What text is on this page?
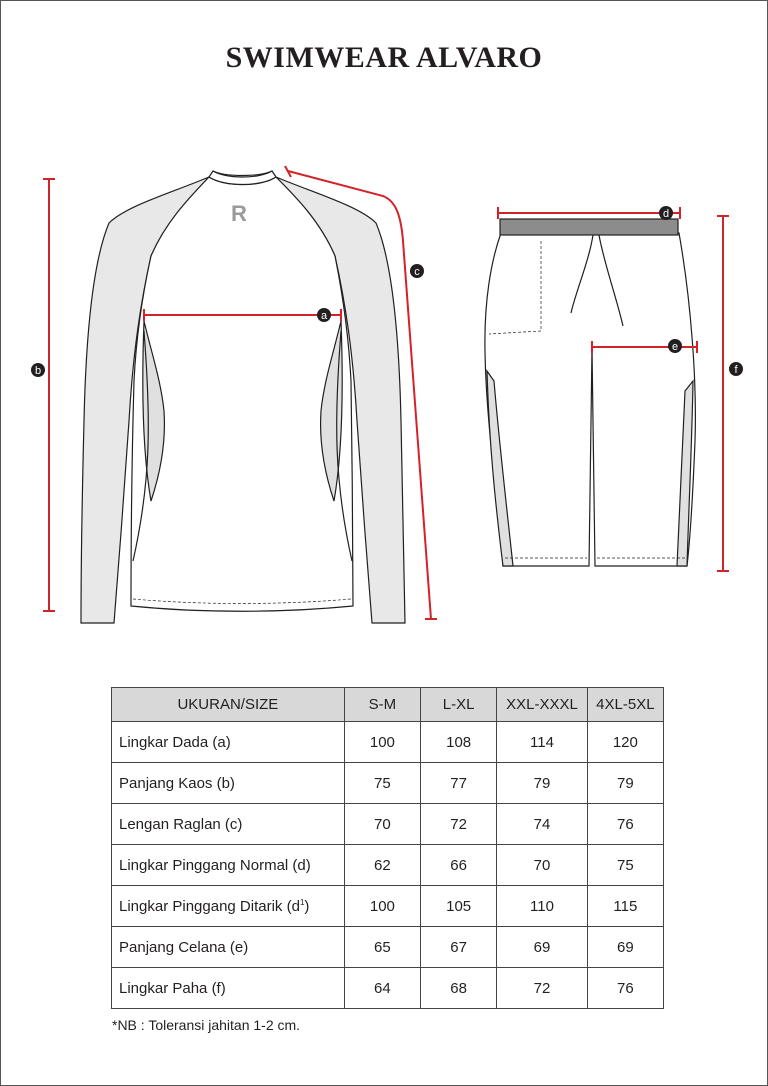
SWIMWEAR ALVARO
R
a
b
c
d
e
f
UKURAN/SIZE	S-M	L-XL	XXL-XXXL	4XL-5XL
Lingkar Dada (a)	100	108	114	120
Panjang Kaos (b)	75	77	79	79
Lengan Raglan (c)	70	72	74	76
Lingkar Pinggang Normal (d)	62	66	70	75
Lingkar Pinggang Ditarik $(d^1)$	100	105	110	115
Panjang Celana (e)	65	67	69	69
Lingkar Paha (f)	64	68	72	76
*NB : Toleransi jahitan 1-2 cm.
